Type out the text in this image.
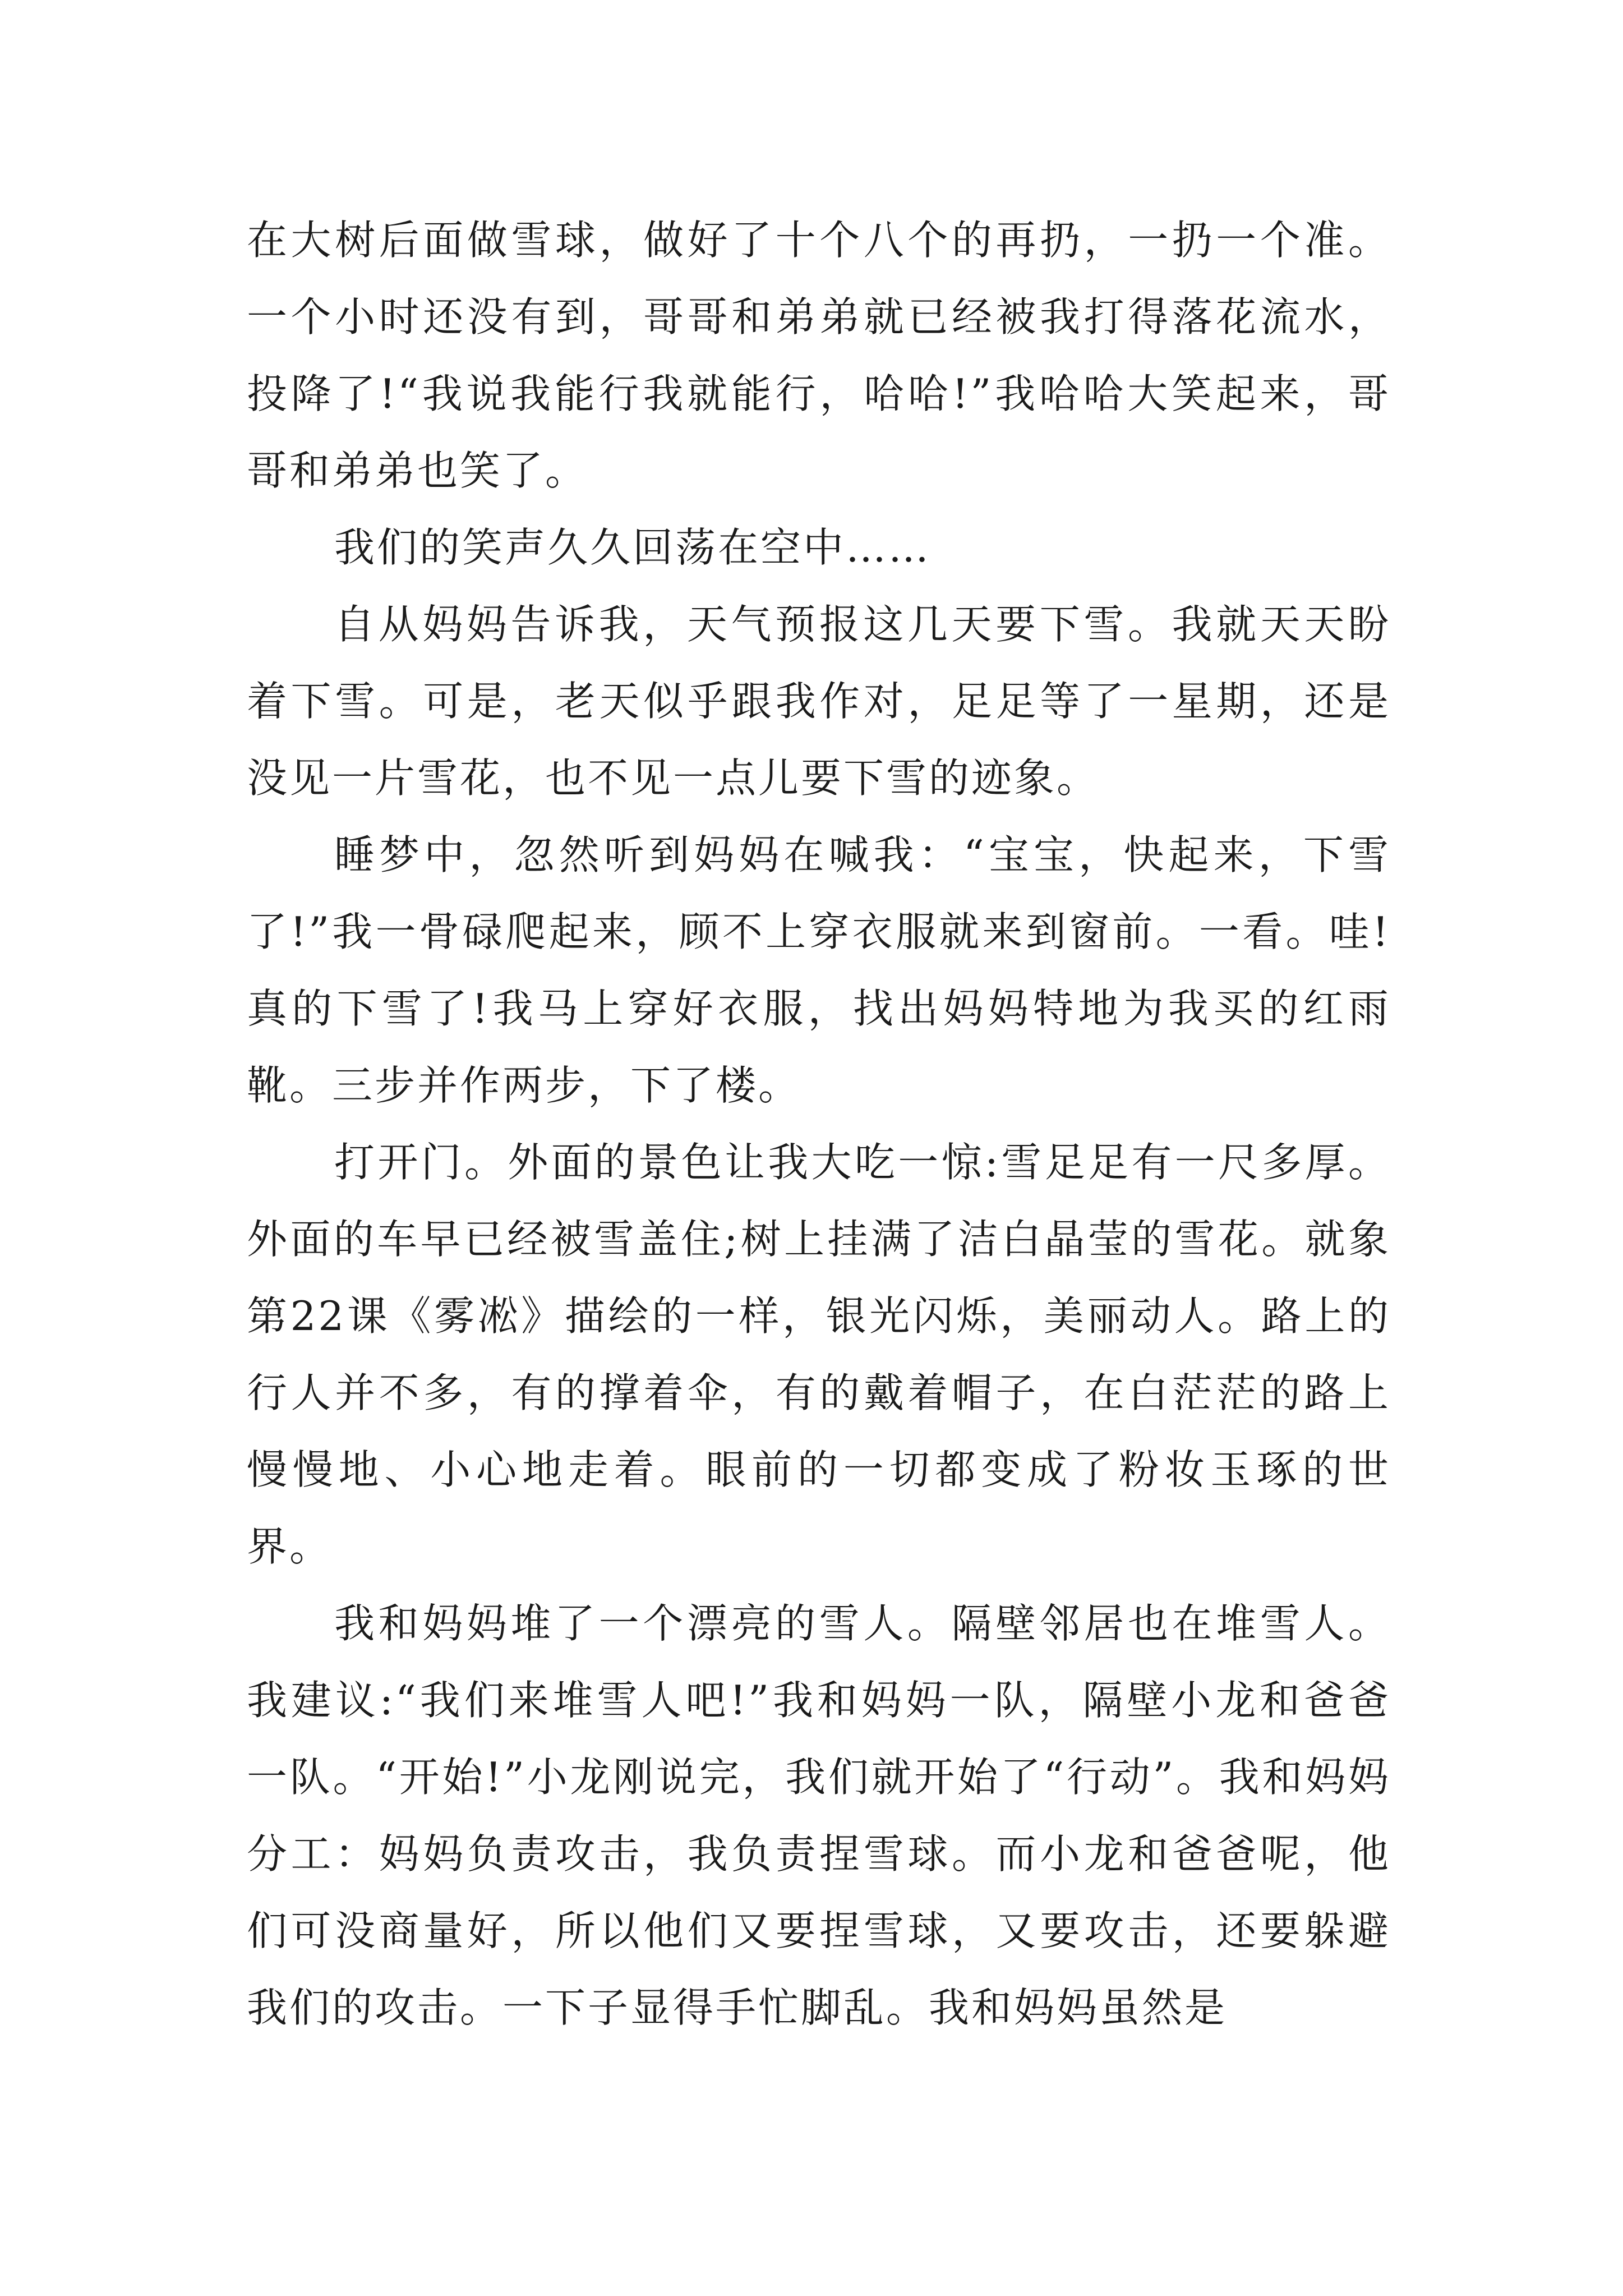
在大树后面做雪球，做好了十个八个的再扔，一扔一个准。一个小时还没有到，哥哥和弟弟就已经被我打得落花流水，投降了!“我说我能行我就能行，哈哈!”我哈哈大笑起来，哥哥和弟弟也笑了。

我们的笑声久久回荡在空中……

自从妈妈告诉我，天气预报这几天要下雪。我就天天盼着下雪。可是，老天似乎跟我作对，足足等了一星期，还是没见一片雪花，也不见一点儿要下雪的迹象。

睡梦中，忽然听到妈妈在喊我：“宝宝，快起来，下雪了!”我一骨碌爬起来，顾不上穿衣服就来到窗前。一看。哇!真的下雪了!我马上穿好衣服，找出妈妈特地为我买的红雨靴。三步并作两步，下了楼。

打开门。外面的景色让我大吃一惊:雪足足有一尺多厚。外面的车早已经被雪盖住;树上挂满了洁白晶莹的雪花。就象第22课《雾凇》描绘的一样，银光闪烁，美丽动人。路上的行人并不多，有的撑着伞，有的戴着帽子，在白茫茫的路上慢慢地、小心地走着。眼前的一切都变成了粉妆玉琢的世界。

我和妈妈堆了一个漂亮的雪人。隔壁邻居也在堆雪人。我建议:“我们来堆雪人吧!”我和妈妈一队，隔壁小龙和爸爸一队。“开始!”小龙刚说完，我们就开始了“行动”。我和妈妈分工：妈妈负责攻击，我负责捏雪球。而小龙和爸爸呢，他们可没商量好，所以他们又要捏雪球，又要攻击，还要躲避我们的攻击。一下子显得手忙脚乱。我和妈妈虽然是
